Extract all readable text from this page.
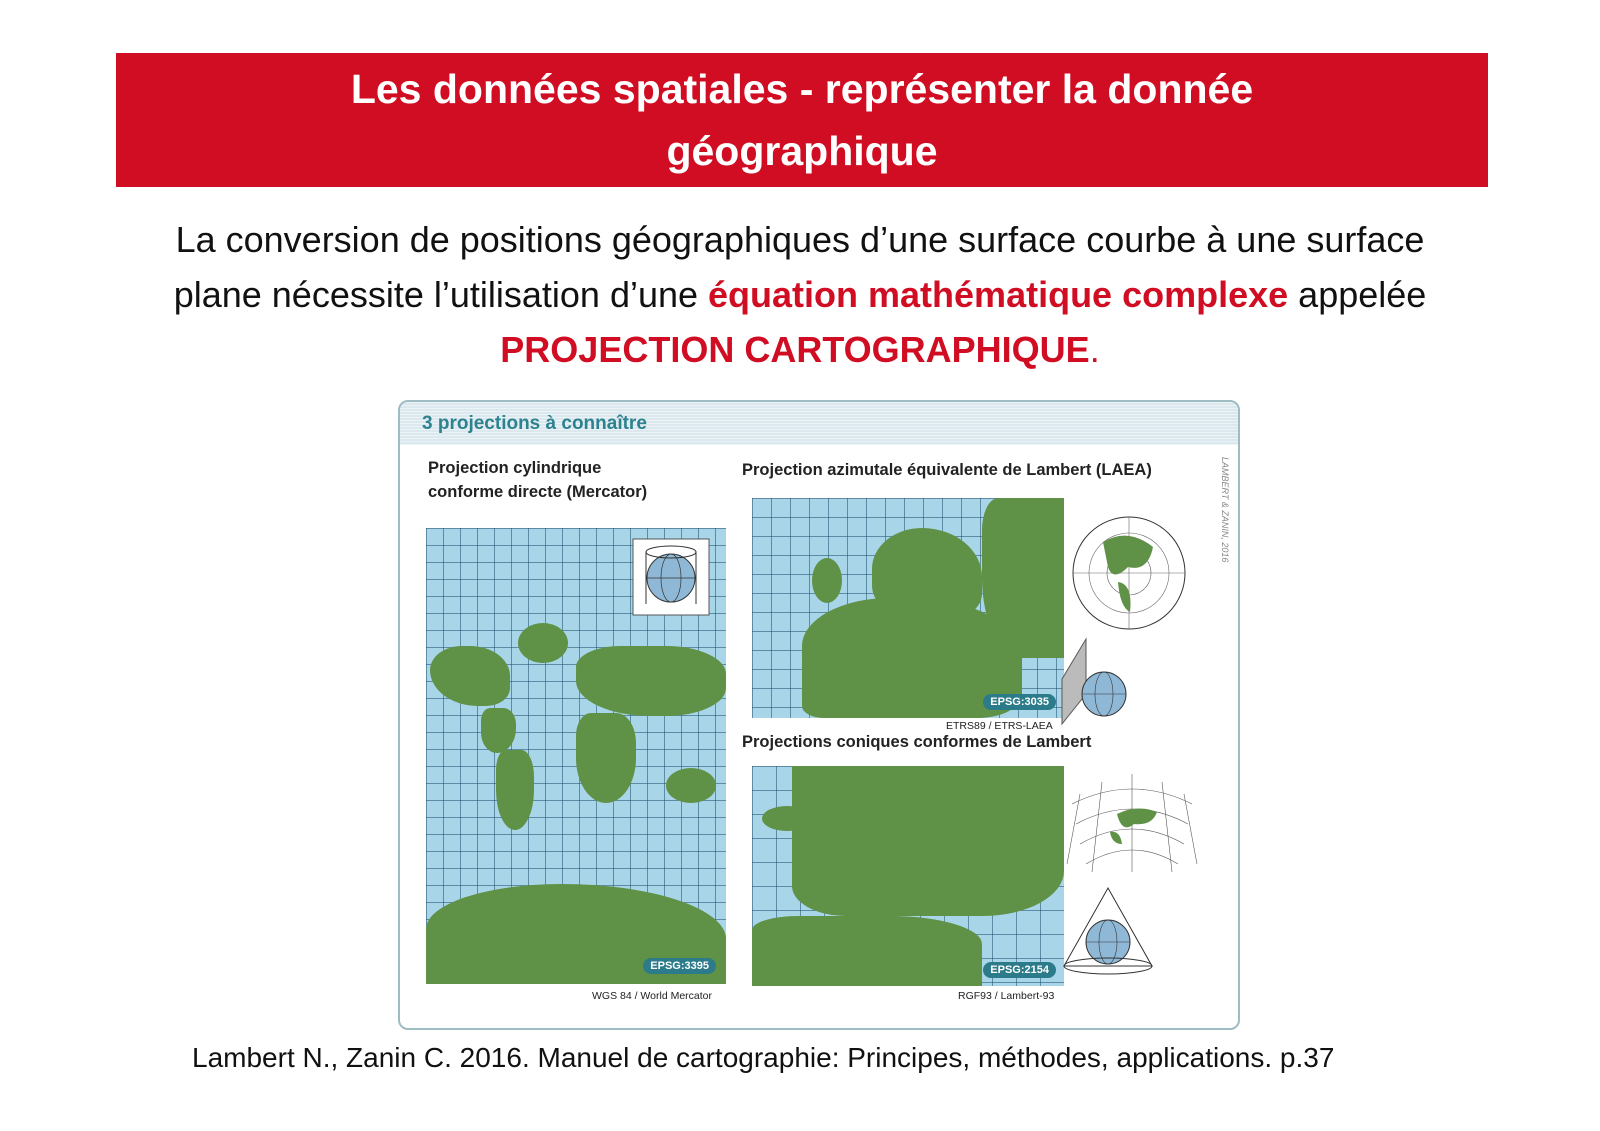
Les données spatiales - représenter la donnée
géographique
La conversion de positions géographiques d’une surface courbe à une surface plane nécessite l’utilisation d’une équation mathématique complexe appelée PROJECTION CARTOGRAPHIQUE.
3 projections à connaître
LAMBERT & ZANIN, 2016
Projection cylindrique
conforme directe (Mercator)
EPSG:3395
WGS 84 / World Mercator
Projection azimutale équivalente de Lambert (LAEA)
EPSG:3035
ETRS89 / ETRS-LAEA
Projections coniques conformes de Lambert
EPSG:2154
RGF93 / Lambert-93
Lambert N., Zanin C. 2016. Manuel de cartographie: Principes, méthodes, applications. p.37
